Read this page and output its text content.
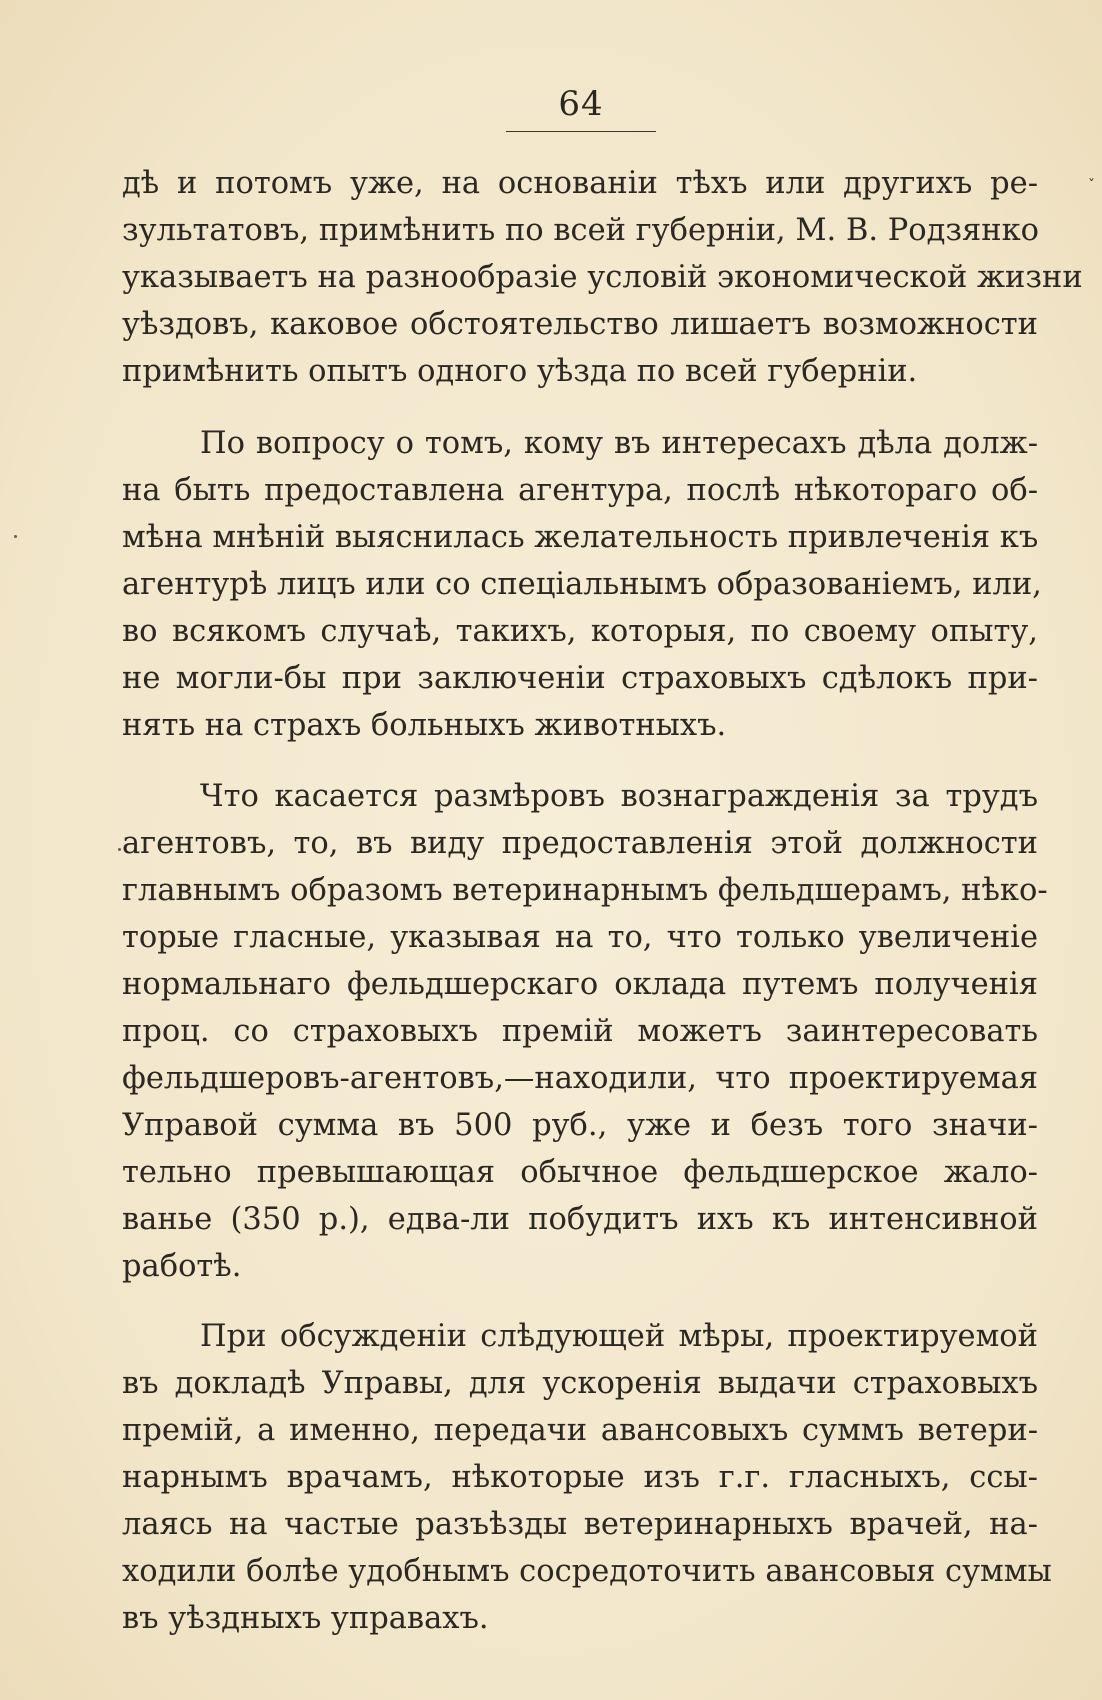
64
ˇ
дѣ и потомъ уже, на основанiи тѣхъ или другихъ ре-
зультатовъ, примѣнить по всей губернiи, М. В. Родзянко
указываетъ на разнообразiе условiй экономической жизни
уѣздовъ, каковое обстоятельство лишаетъ возможности
примѣнить опытъ одного уѣзда по всей губернiи.
По вопросу о томъ, кому въ интересахъ дѣла долж-
на быть предоставлена агентура, послѣ нѣкотораго об-
мѣна мнѣнiй выяснилась желательность привлеченiя къ
агентурѣ лицъ или со спецiальнымъ образованiемъ, или,
во всякомъ случаѣ, такихъ, которыя, по своему опыту,
не могли-бы при заключенiи страховыхъ сдѣлокъ при-
нять на страхъ больныхъ животныхъ.
Что касается размѣровъ вознагражденiя за трудъ
агентовъ, то, въ виду предоставленiя этой должности
главнымъ образомъ ветеринарнымъ фельдшерамъ, нѣко-
торые гласные, указывая на то, что только увеличенiе
нормальнаго фельдшерскаго оклада путемъ полученiя
проц. со страховыхъ премiй можетъ заинтересовать
фельдшеровъ-агентовъ,—находили, что проектируемая
Управой сумма въ 500 руб., уже и безъ того значи-
тельно превышающая обычное фельдшерское жало-
ванье (350 р.), едва-ли побудитъ ихъ къ интенсивной
работѣ.
При обсужденiи слѣдующей мѣры, проектируемой
въ докладѣ Управы, для ускоренiя выдачи страховыхъ
премiй, а именно, передачи авансовыхъ суммъ ветери-
нарнымъ врачамъ, нѣкоторые изъ г.г. гласныхъ, ссы-
лаясь на частые разъѣзды ветеринарныхъ врачей, на-
ходили болѣе удобнымъ сосредоточить авансовыя суммы
въ уѣздныхъ управахъ.
